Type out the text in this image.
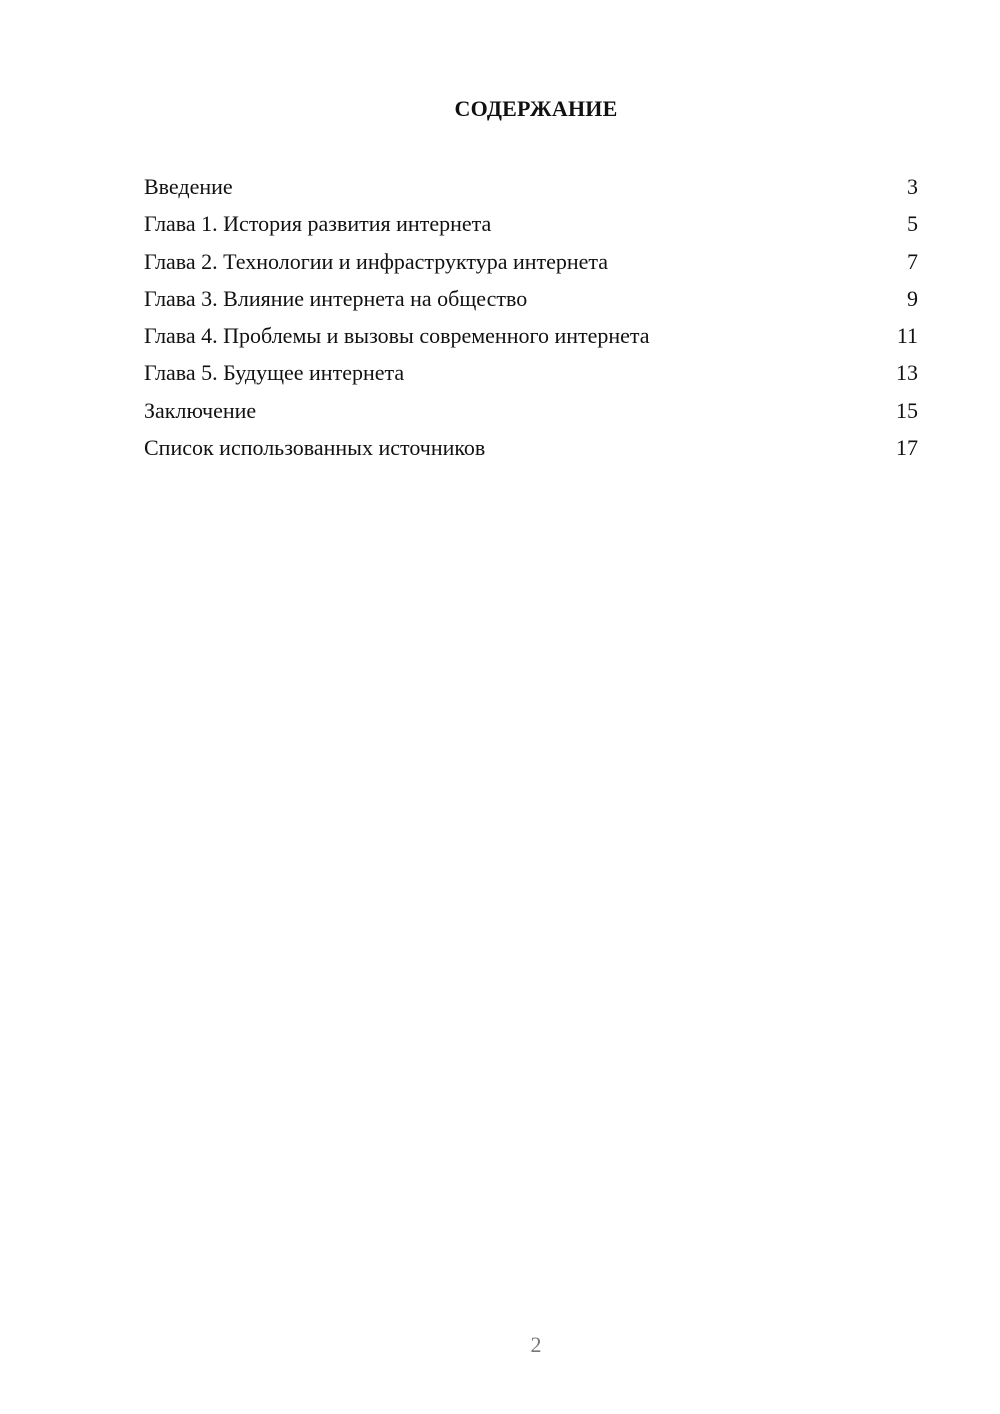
СОДЕРЖАНИЕ
Введение	3
Глава 1. История развития интернета	5
Глава 2. Технологии и инфраструктура интернета	7
Глава 3. Влияние интернета на общество	9
Глава 4. Проблемы и вызовы современного интернета	11
Глава 5. Будущее интернета	13
Заключение	15
Список использованных источников	17
2
